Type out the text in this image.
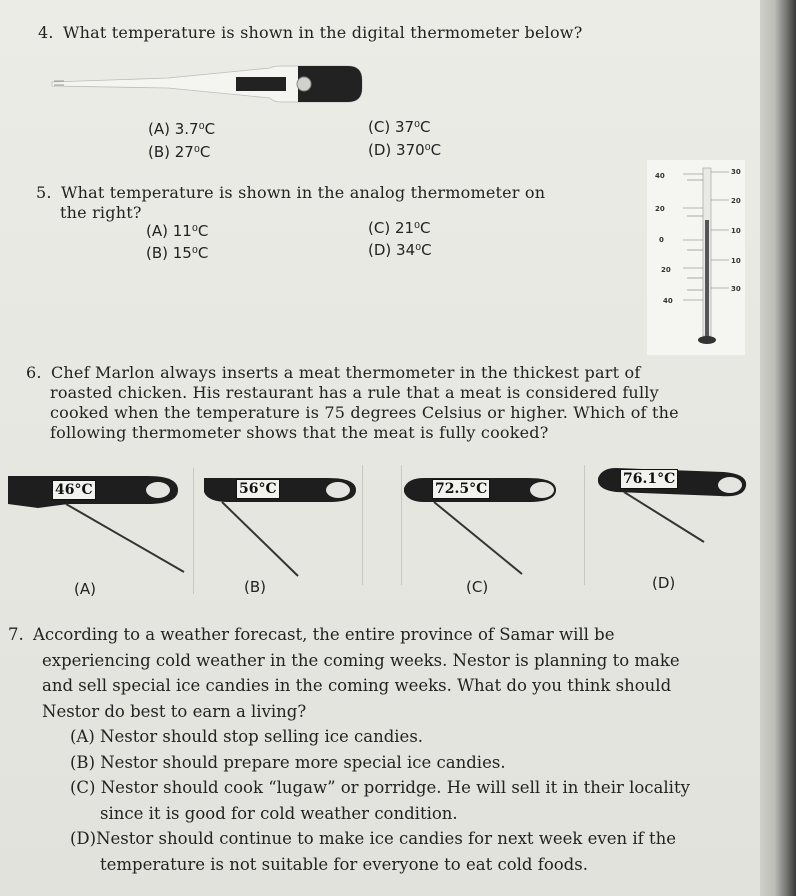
4. What temperature is shown in the digital thermometer below?
(A) 3.7⁰C	(C) 37⁰C
(B) 27⁰C	(D) 370⁰C
5. What temperature is shown in the analog thermometer on
the right?
(A) 11⁰C	(C) 21⁰C
(B) 15⁰C	(D) 34⁰C
40
20
0
20
40
30
20
10
10
30
6. Chef Marlon always inserts a meat thermometer in the thickest part of
roasted chicken. His restaurant has a rule that a meat is considered fully
cooked when the temperature is 75 degrees Celsius or higher. Which of the
following thermometer shows that the meat is fully cooked?
46°C
(A)
56°C
(B)
72.5°C
(C)
76.1°C
(D)
7. According to a weather forecast, the entire province of Samar will be
experiencing cold weather in the coming weeks. Nestor is planning to make
and sell special ice candies in the coming weeks. What do you think should
Nestor do best to earn a living?
(A) Nestor should stop selling ice candies.
(B) Nestor should prepare more special ice candies.
(C) Nestor should cook “lugaw” or porridge. He will sell it in their locality
since it is good for cold weather condition.
(D)Nestor should continue to make ice candies for next week even if the
temperature is not suitable for everyone to eat cold foods.
